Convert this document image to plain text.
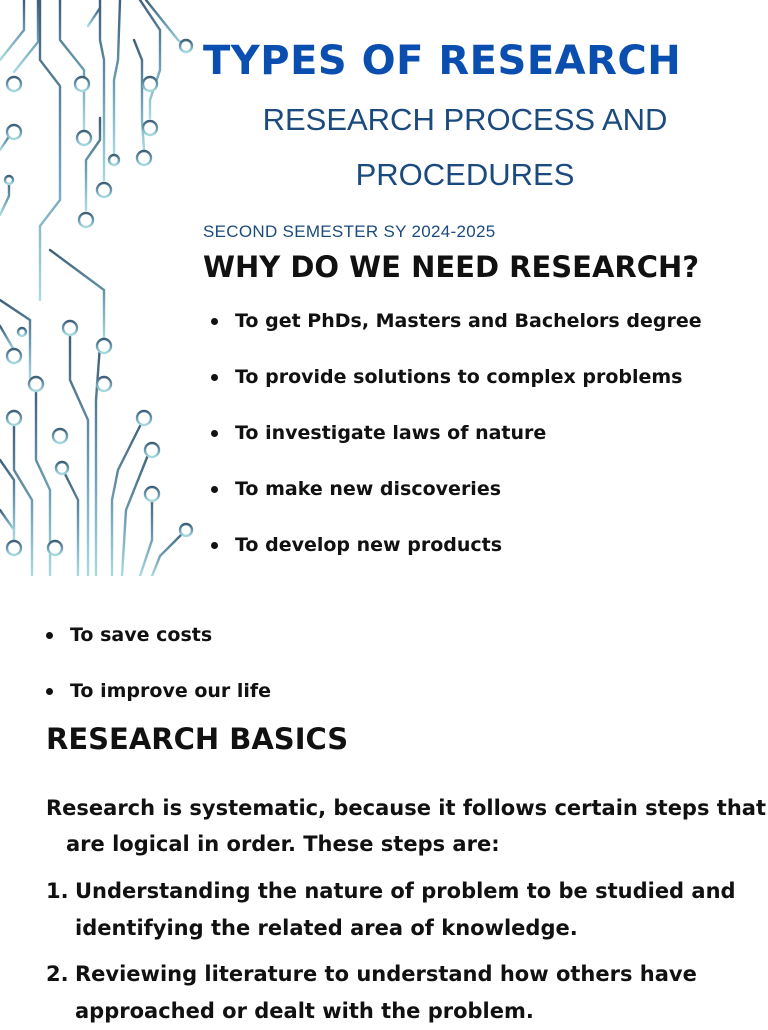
TYPES OF RESEARCH

RESEARCH PROCESS AND

PROCEDURES

SECOND SEMESTER SY 2024-2025

WHY DO WE NEED RESEARCH?
To get PhDs, Masters and Bachelors degree
To provide solutions to complex problems
To investigate laws of nature
To make new discoveries
To develop new products
To save costs
To improve our life
RESEARCH BASICS

Research is systematic, because it follows certain steps that

are logical in order. These steps are:

1. Understanding the nature of problem to be studied and
identifying the related area of knowledge.
2. Reviewing literature to understand how others have
approached or dealt with the problem.
